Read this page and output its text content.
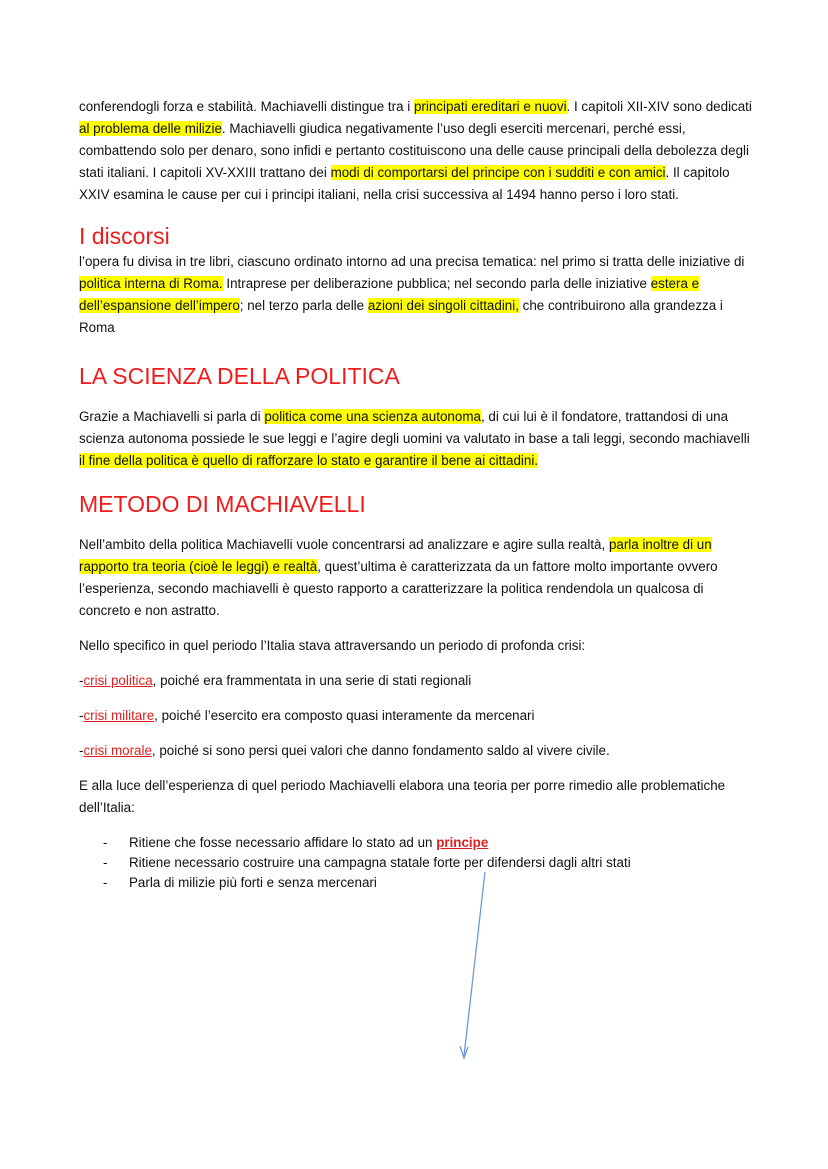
conferendogli forza e stabilità. Machiavelli distingue tra i principati ereditari e nuovi. I capitoli XII-XIV sono dedicati al problema delle milizie. Machiavelli giudica negativamente l’uso degli eserciti mercenari, perché essi, combattendo solo per denaro, sono infidi e pertanto costituiscono una delle cause principali della debolezza degli stati italiani. I capitoli XV-XXIII trattano dei modi di comportarsi del principe con i sudditi e con amici. Il capitolo XXIV esamina le cause per cui i principi italiani, nella crisi successiva al 1494 hanno perso i loro stati.

I discorsi

l’opera fu divisa in tre libri, ciascuno ordinato intorno ad una precisa tematica: nel primo si tratta delle iniziative di politica interna di Roma. Intraprese per deliberazione pubblica; nel secondo parla delle iniziative estera e dell’espansione dell’impero; nel terzo parla delle azioni dei singoli cittadini, che contribuirono alla grandezza i Roma

LA SCIENZA DELLA POLITICA

Grazie a Machiavelli si parla di politica come una scienza autonoma, di cui lui è il fondatore, trattandosi di una scienza autonoma possiede le sue leggi e l’agire degli uomini va valutato in base a tali leggi, secondo machiavelli il fine della politica è quello di rafforzare lo stato e garantire il bene ai cittadini.

METODO DI MACHIAVELLI

Nell’ambito della politica Machiavelli vuole concentrarsi ad analizzare e agire sulla realtà, parla inoltre di un rapporto tra teoria (cioè le leggi) e realtà, quest’ultima è caratterizzata da un fattore molto importante ovvero l’esperienza, secondo machiavelli è questo rapporto a caratterizzare la politica rendendola un qualcosa di concreto e non astratto.

Nello specifico in quel periodo l’Italia stava attraversando un periodo di profonda crisi:

-crisi politica, poiché era frammentata in una serie di stati regionali

-crisi militare, poiché l’esercito era composto quasi interamente da mercenari

-crisi morale, poiché si sono persi quei valori che danno fondamento saldo al vivere civile.

E alla luce dell’esperienza di quel periodo Machiavelli elabora una teoria per porre rimedio alle problematiche dell’Italia:

- Ritiene che fosse necessario affidare lo stato ad un principe
- Ritiene necessario costruire una campagna statale forte per difendersi dagli altri stati
- Parla di milizie più forti e senza mercenari
